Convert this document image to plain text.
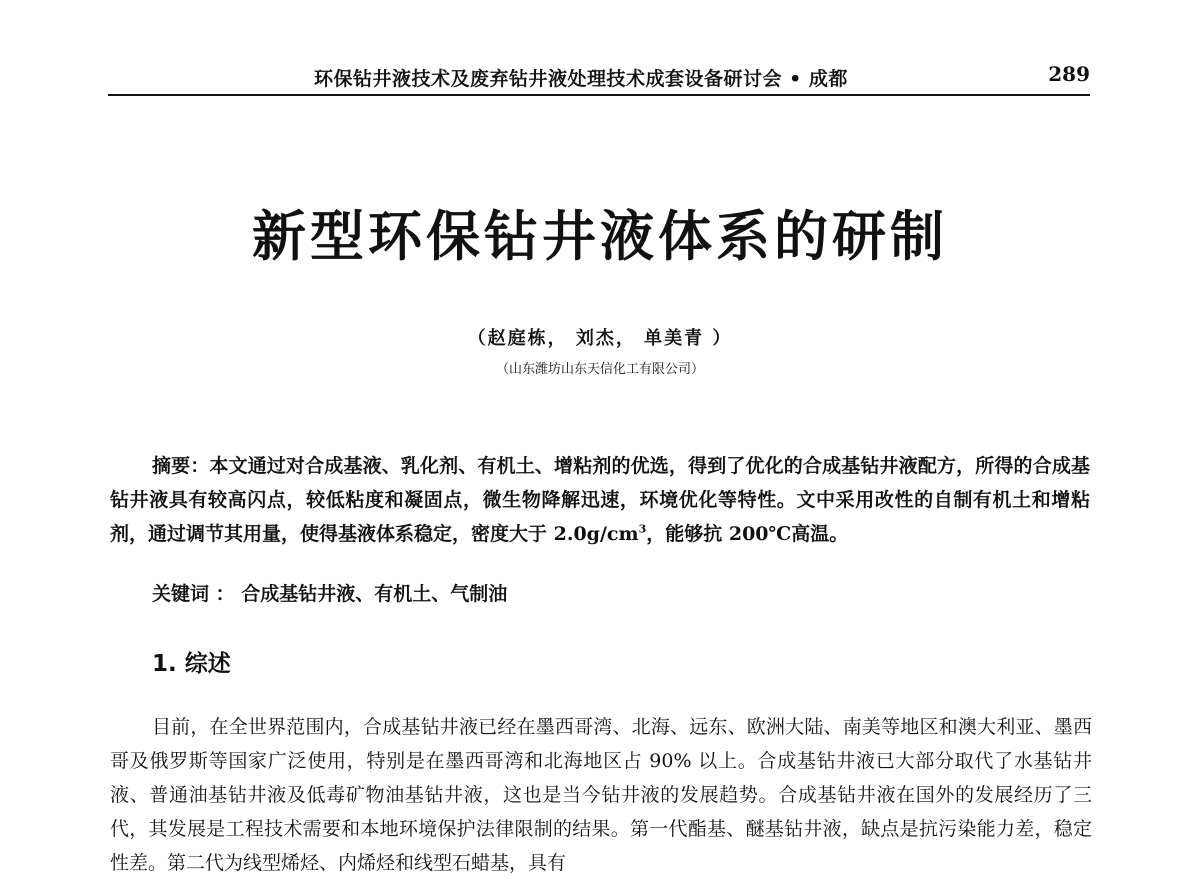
环保钻井液技术及废弃钻井液处理技术成套设备研讨会 • 成都	289
新型环保钻井液体系的研制
（赵庭栋， 刘杰， 单美青 ）
（山东潍坊山东天信化工有限公司）
摘要：本文通过对合成基液、乳化剂、有机土、增粘剂的优选，得到了优化的合成基钻井液配方，所得的合成基钻井液具有较高闪点，较低粘度和凝固点，微生物降解迅速，环境优化等特性。文中采用改性的自制有机土和增粘剂，通过调节其用量，使得基液体系稳定，密度大于 $2.0g/cm^3$，能够抗 200℃高温。
关键词 ： 合成基钻井液、有机土、气制油
1. 综述
目前，在全世界范围内，合成基钻井液已经在墨西哥湾、北海、远东、欧洲大陆、南美等地区和澳大利亚、墨西哥及俄罗斯等国家广泛使用，特别是在墨西哥湾和北海地区占 90% 以上。合成基钻井液已大部分取代了水基钻井液、普通油基钻井液及低毒矿物油基钻井液，这也是当今钻井液的发展趋势。合成基钻井液在国外的发展经历了三代，其发展是工程技术需要和本地环境保护法律限制的结果。第一代酯基、醚基钻井液，缺点是抗污染能力差，稳定性差。第二代为线型烯烃、内烯烃和线型石蜡基，具有
